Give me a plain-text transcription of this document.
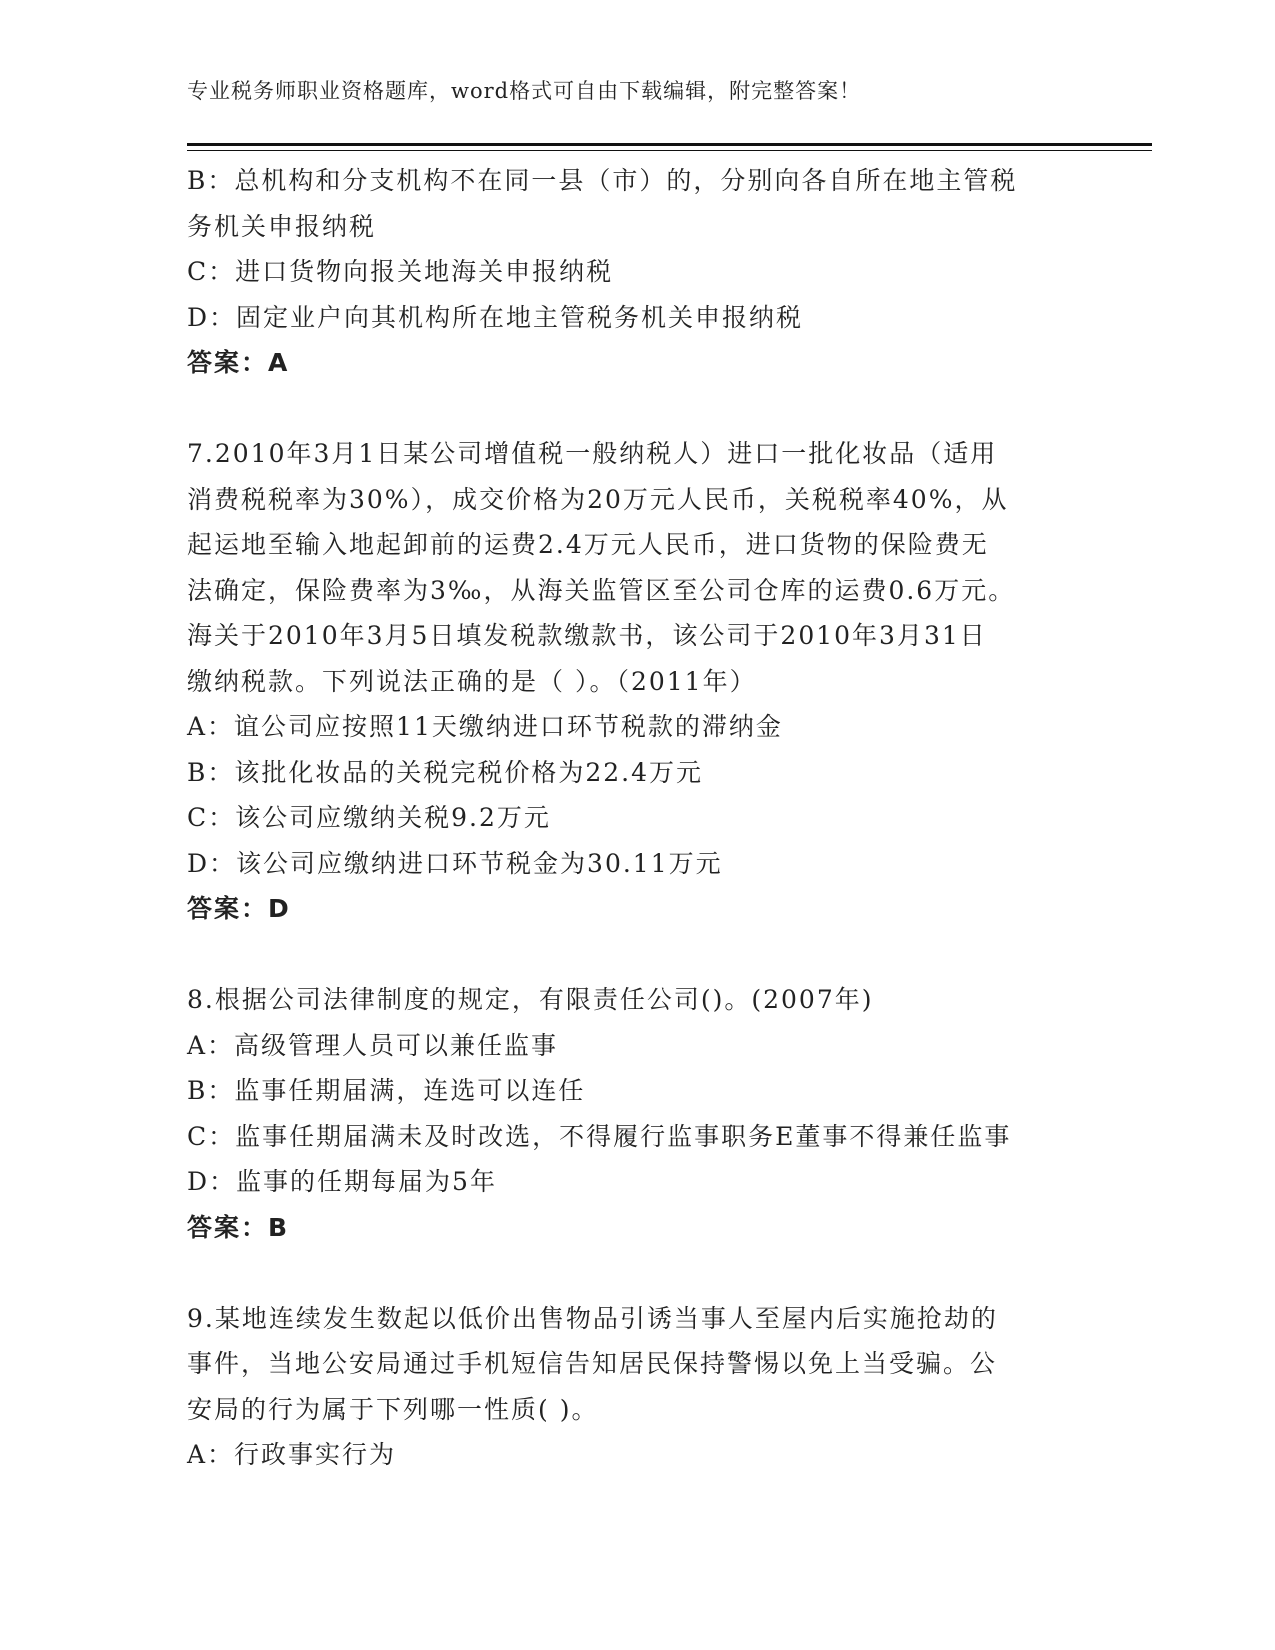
专业税务师职业资格题库，word格式可自由下载编辑，附完整答案！
B：总机构和分支机构不在同一县（市）的，分别向各自所在地主管税
务机关申报纳税
C：进口货物向报关地海关申报纳税
D：固定业户向其机构所在地主管税务机关申报纳税
答案：A
7.2010年3月1日某公司增值税一般纳税人）进口一批化妆品（适用
消费税税率为30%），成交价格为20万元人民币，关税税率40%，从
起运地至输入地起卸前的运费2.4万元人民币，进口货物的保险费无
法确定，保险费率为3‰，从海关监管区至公司仓库的运费0.6万元。
海关于2010年3月5日填发税款缴款书，该公司于2010年3月31日
缴纳税款。下列说法正确的是（ ）。（2011年）
A：谊公司应按照11天缴纳进口环节税款的滞纳金
B：该批化妆品的关税完税价格为22.4万元
C：该公司应缴纳关税9.2万元
D：该公司应缴纳进口环节税金为30.11万元
答案：D
8.根据公司法律制度的规定，有限责任公司()。(2007年)
A：高级管理人员可以兼任监事
B：监事任期届满，连选可以连任
C：监事任期届满未及时改选，不得履行监事职务E董事不得兼任监事
D：监事的任期每届为5年
答案：B
9.某地连续发生数起以低价出售物品引诱当事人至屋内后实施抢劫的
事件，当地公安局通过手机短信告知居民保持警惕以免上当受骗。公
安局的行为属于下列哪一性质( )。
A：行政事实行为
